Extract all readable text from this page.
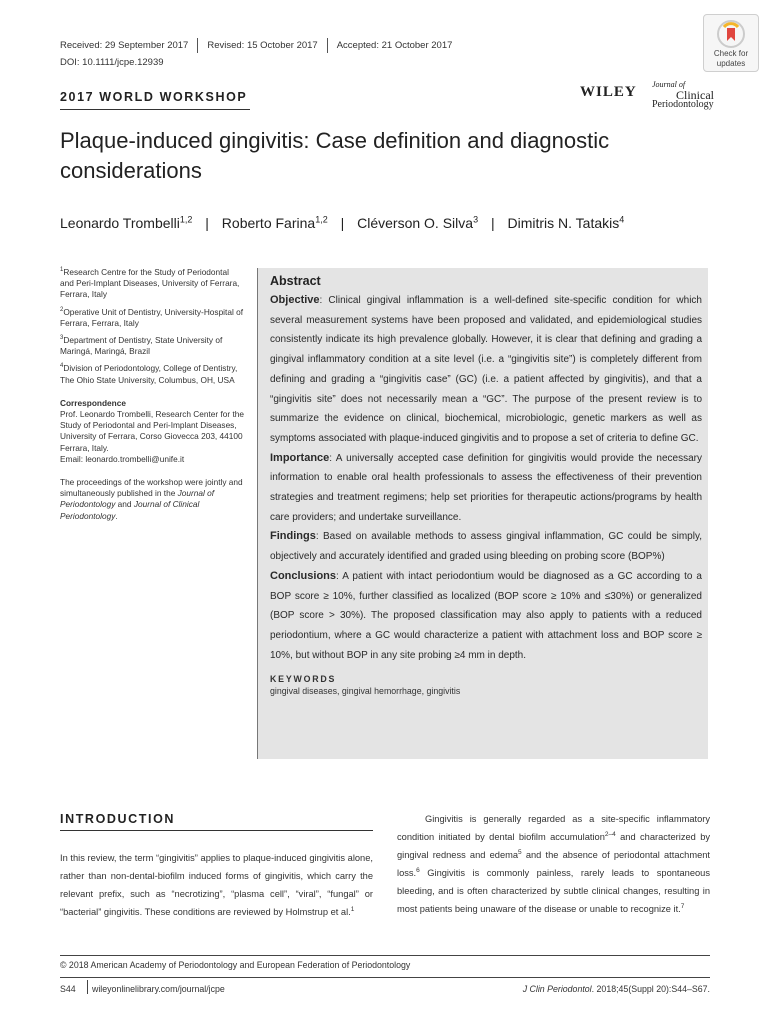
Received: 29 September 2017 Revised: 15 October 2017 Accepted: 21 October 2017
DOI: 10.1111/jcpe.12939
Check for
updates
2017 WORLD WORKSHOP	WILEY Journal of
Clinical
Periodontology
Plaque-induced gingivitis: Case definition and diagnostic considerations
Leonardo Trombelli$^{1,2}$ | Roberto Farina$^{1,2}$ | Cléverson O. Silva$^3$ | Dimitris N. Tatakis$^4$

$^1$Research Centre for the Study of Periodontal and Peri-Implant Diseases, University of Ferrara, Ferrara, Italy

$^2$Operative Unit of Dentistry, University-Hospital of Ferrara, Ferrara, Italy

$^3$Department of Dentistry, State University of Maringá, Maringá, Brazil

$^4$Division of Periodontology, College of Dentistry, The Ohio State University, Columbus, OH, USA

Correspondence

Prof. Leonardo Trombelli, Research Center for the Study of Periodontal and Peri-Implant Diseases, University of Ferrara, Corso Giovecca 203, 44100 Ferrara, Italy.

Email: leonardo.trombelli@unife.it

The proceedings of the workshop were jointly and simultaneously published in the Journal of Periodontology and Journal of Clinical Periodontology.

Abstract

Objective: Clinical gingival inflammation is a well-defined site-specific condition for which several measurement systems have been proposed and validated, and epidemiological studies consistently indicate its high prevalence globally. However, it is clear that defining and grading a gingival inflammatory condition at a site level (i.e. a “gingivitis site”) is completely different from defining and grading a “gingivitis case” (GC) (i.e. a patient affected by gingivitis), and that a “gingivitis site” does not necessarily mean a “GC”. The purpose of the present review is to summarize the evidence on clinical, biochemical, microbiologic, genetic markers as well as symptoms associated with plaque-induced gingivitis and to propose a set of criteria to define GC.

Importance: A universally accepted case definition for gingivitis would provide the necessary information to enable oral health professionals to assess the effectiveness of their prevention strategies and treatment regimens; help set priorities for therapeutic actions/programs by health care providers; and undertake surveillance.

Findings: Based on available methods to assess gingival inflammation, GC could be simply, objectively and accurately identified and graded using bleeding on probing score (BOP%)

Conclusions: A patient with intact periodontium would be diagnosed as a GC according to a BOP score ≥ 10%, further classified as localized (BOP score ≥ 10% and ≤30%) or generalized (BOP score > 30%). The proposed classification may also apply to patients with a reduced periodontium, where a GC would characterize a patient with attachment loss and BOP score ≥ 10%, but without BOP in any site probing ≥4 mm in depth.

KEYWORDS
gingival diseases, gingival hemorrhage, gingivitis
INTRODUCTION
In this review, the term “gingivitis” applies to plaque-induced gingivitis alone, rather than non-dental-biofilm induced forms of gingivitis, which carry the relevant prefix, such as “necrotizing”, “plasma cell”, “viral”, “fungal” or “bacterial” gingivitis. These conditions are reviewed by Holmstrup et al.$^1$
Gingivitis is generally regarded as a site-specific inflammatory condition initiated by dental biofilm accumulation$^{2-4}$ and characterized by gingival redness and edema$^5$ and the absence of periodontal attachment loss.$^6$ Gingivitis is commonly painless, rarely leads to spontaneous bleeding, and is often characterized by subtle clinical changes, resulting in most patients being unaware of the disease or unable to recognize it.$^7$
© 2018 American Academy of Periodontology and European Federation of Periodontology
S44 wileyonlinelibrary.com/journal/jcpe	J Clin Periodontol. 2018;45(Suppl 20):S44–S67.
